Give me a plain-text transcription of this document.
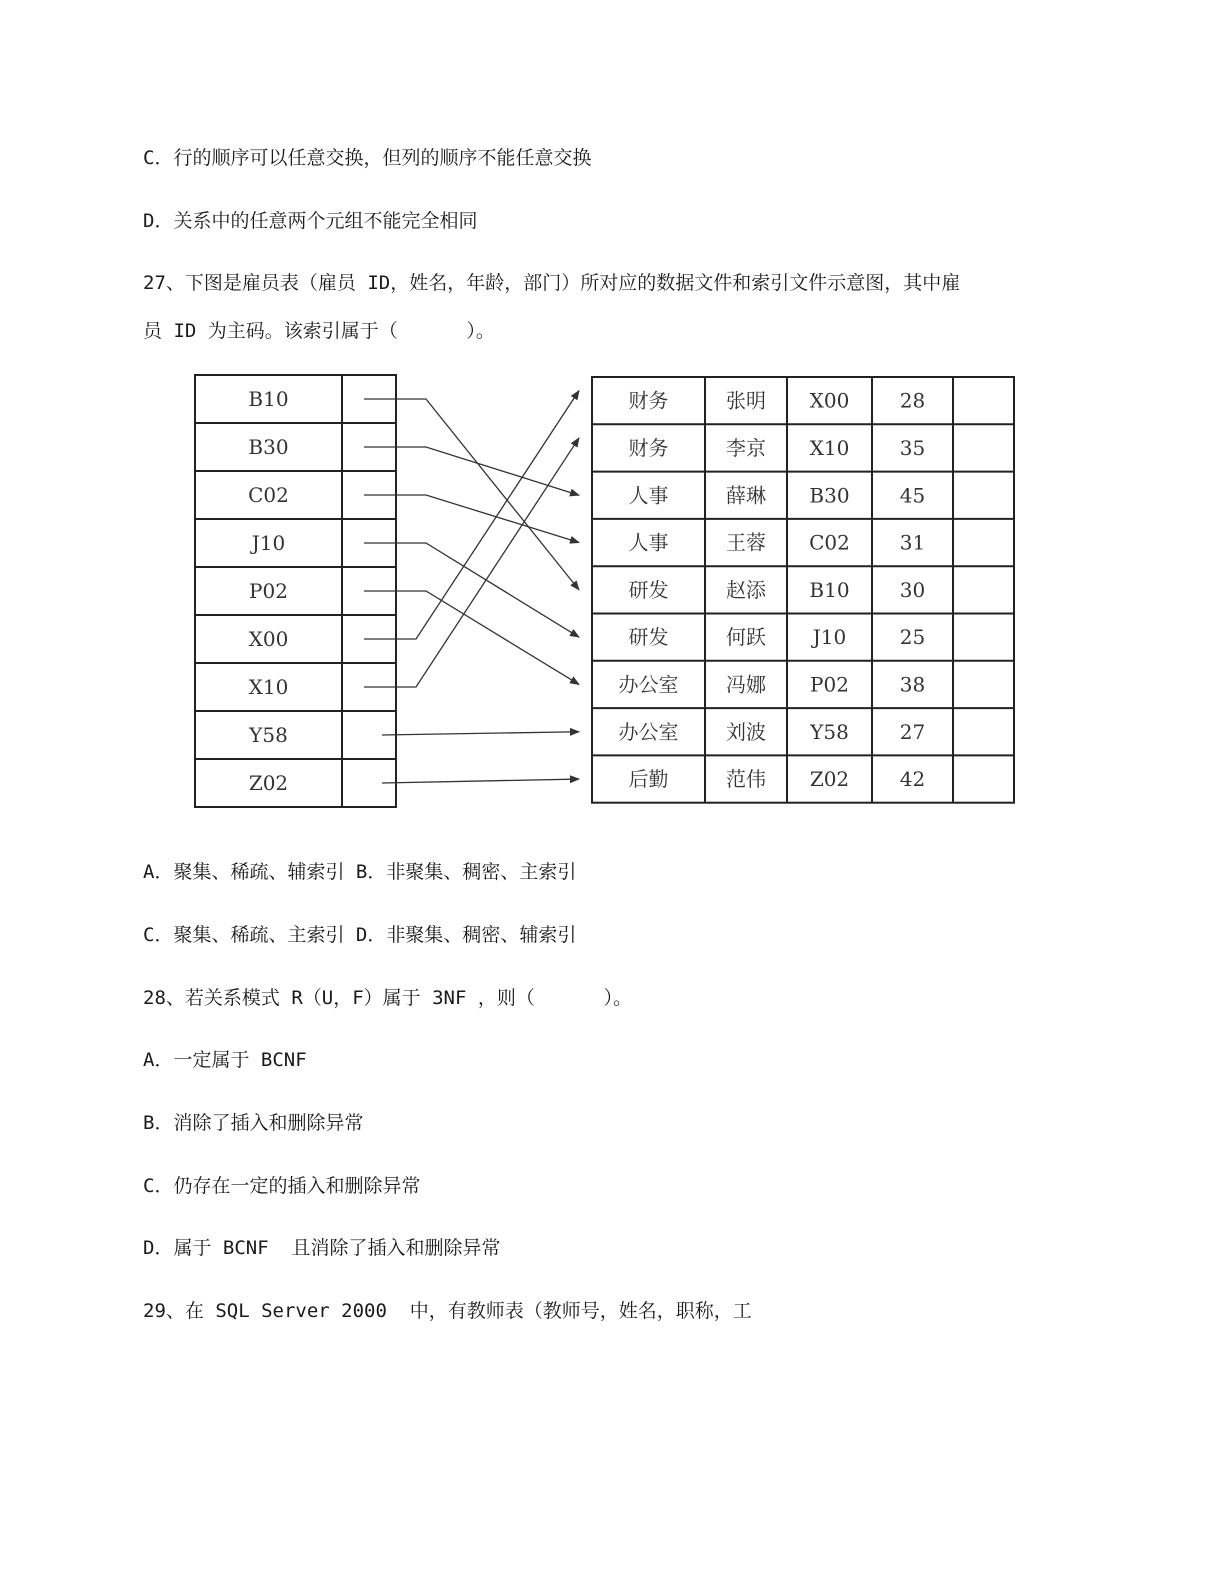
C．行的顺序可以任意交换，但列的顺序不能任意交换

D．关系中的任意两个元组不能完全相同

27、下图是雇员表（雇员 ID，姓名，年龄，部门）所对应的数据文件和索引文件示意图，其中雇

员 ID 为主码。该索引属于（      ）。

B10
B30
C02
J10
P02
X00
X10
Y58
Z02
财务	张明 X00	28
财务	李京 X10	35
人事	薛琳 B30	45
人事	王蓉 C02 31
研发	赵添 B10	30
研发	何跃 J10	25
办公室 冯娜 P02	38
办公室 刘波 Y58	27
后勤	范伟 Z02	42

A．聚集、稀疏、辅索引 B．非聚集、稠密、主索引

C．聚集、稀疏、主索引 D．非聚集、稠密、辅索引

28、若关系模式 R（U，F）属于 3NF ，则（      ）。

A．一定属于 BCNF

B．消除了插入和删除异常

C．仍存在一定的插入和删除异常

D．属于 BCNF  且消除了插入和删除异常

29、在 SQL Server 2000  中，有教师表（教师号，姓名，职称，工
